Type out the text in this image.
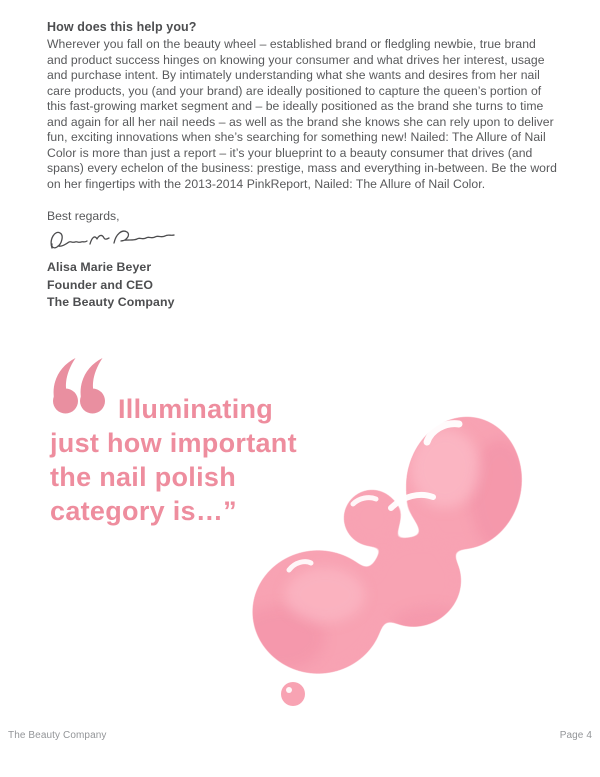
How does this help you?
Wherever you fall on the beauty wheel – established brand or fledgling newbie, true brand and product success hinges on knowing your consumer and what drives her interest, usage and purchase intent. By intimately understanding what she wants and desires from her nail care products, you (and your brand) are ideally positioned to capture the queen’s portion of this fast-growing market segment and – be ideally positioned as the brand she turns to time and again for all her nail needs – as well as the brand she knows she can rely upon to deliver fun, exciting innovations when she’s searching for something new! Nailed: The Allure of Nail Color is more than just a report – it’s your blueprint to a beauty consumer that drives (and spans) every echelon of the business: prestige, mass and everything in-between. Be the word on her fingertips with the 2013-2014 PinkReport, Nailed: The Allure of Nail Color.
Best regards,
Alisa Marie Beyer
Founder and CEO
The Beauty Company
Illuminating
just how important
the nail polish
category is…”
The Beauty Company	Page 4
